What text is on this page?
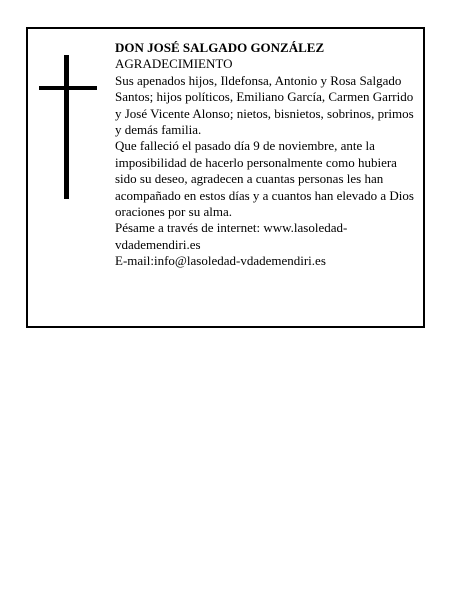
DON JOSÉ SALGADO GONZÁLEZ
AGRADECIMIENTO
Sus apenados hijos, Ildefonsa, Antonio y Rosa Salgado Santos; hijos políticos, Emiliano García, Carmen Garrido y José Vicente Alonso; nietos, bisnietos, sobrinos, primos y demás familia.
Que falleció el pasado día 9 de noviembre, ante la imposibilidad de hacerlo personalmente como hubiera sido su deseo, agradecen a cuantas personas les han acompañado en estos días y a cuantos han elevado a Dios oraciones por su alma.
Pésame a través de internet: www.lasoledad-
vdademendiri.es
E-mail:info@lasoledad-vdademendiri.es
